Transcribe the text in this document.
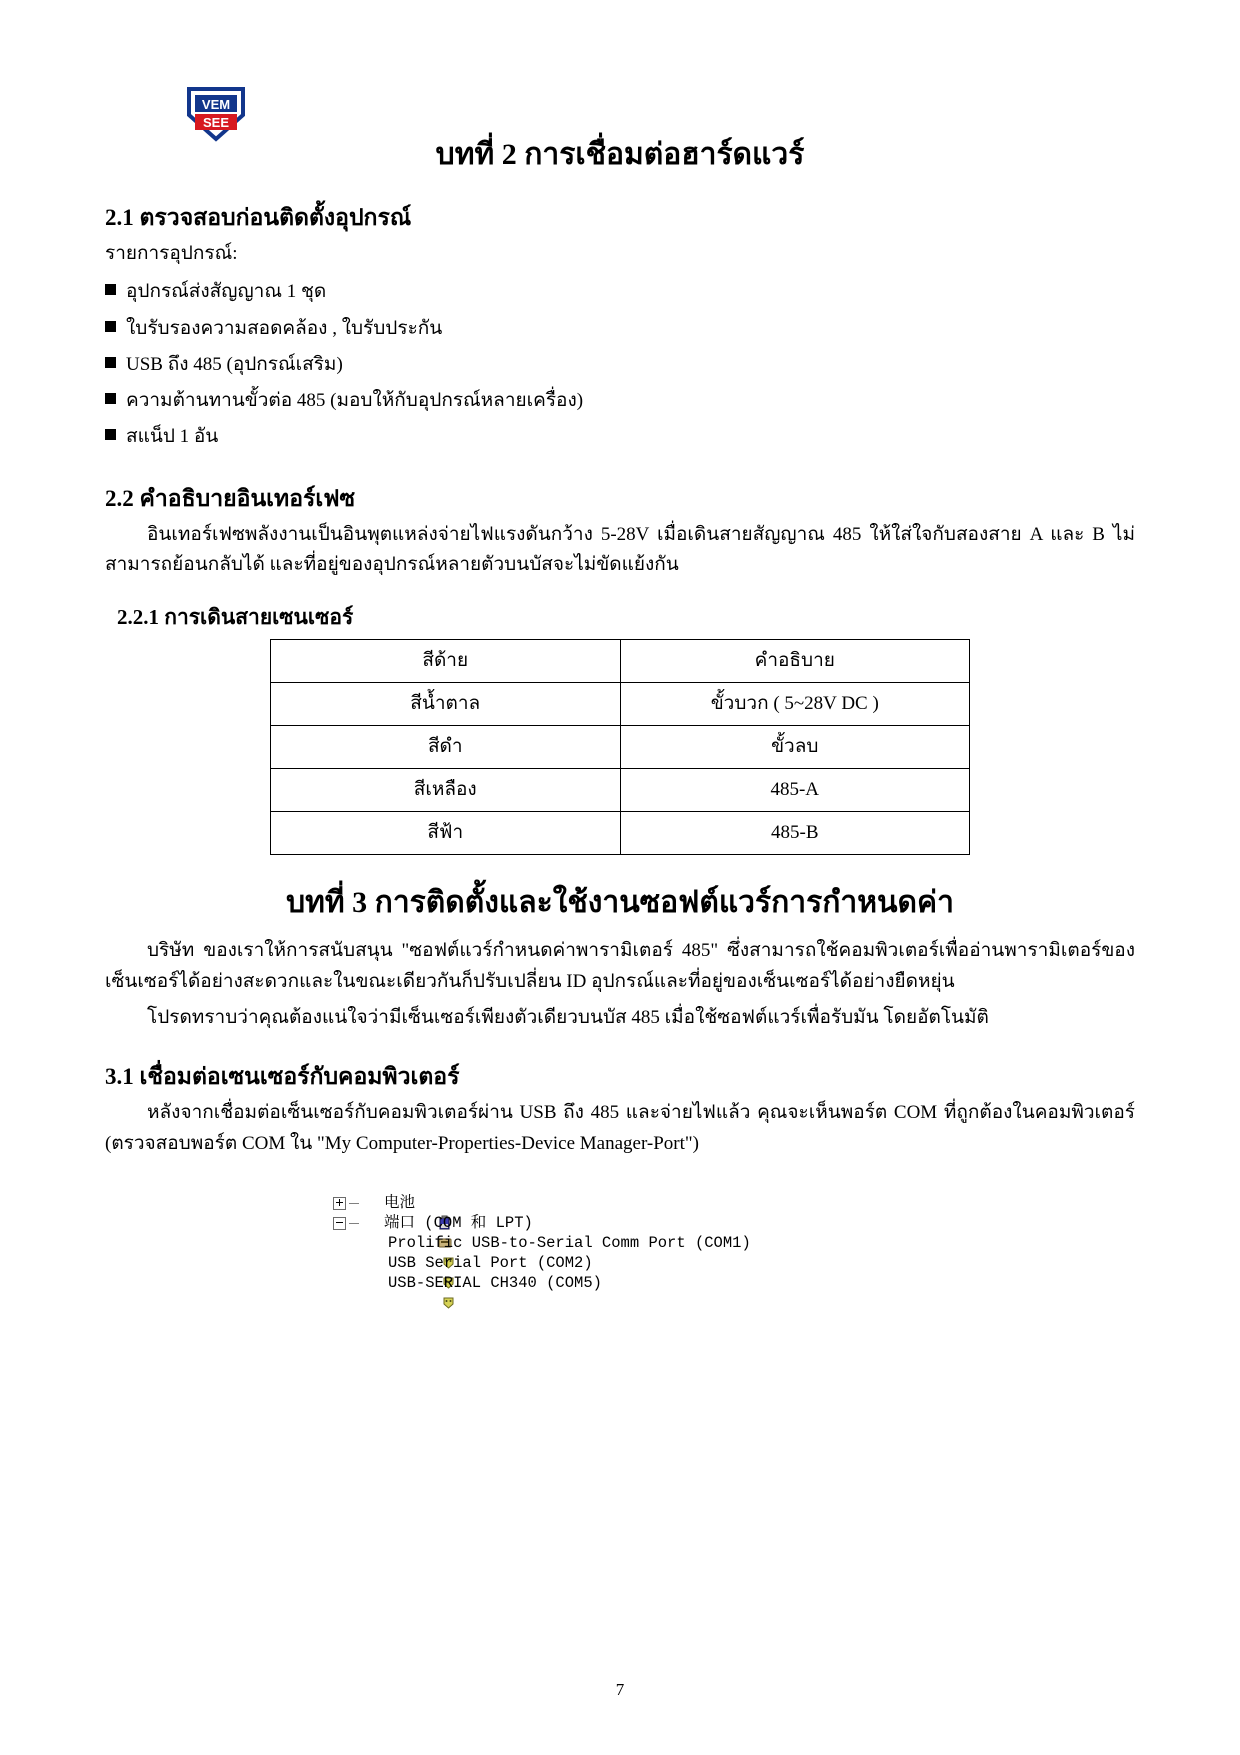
VEM
SEE
บทที่ 2 การเชื่อมต่อฮาร์ดแวร์
2.1 ตรวจสอบก่อนติดตั้งอุปกรณ์

รายการอุปกรณ์:

อุปกรณ์ส่งสัญญาณ 1 ชุด
ใบรับรองความสอดคล้อง , ใบรับประกัน
USB ถึง 485 (อุปกรณ์เสริม)
ความต้านทานขั้วต่อ 485 (มอบให้กับอุปกรณ์หลายเครื่อง)
สแน็ป 1 อัน
2.2 คำอธิบายอินเทอร์เฟซ

อินเทอร์เฟซพลังงานเป็นอินพุตแหล่งจ่ายไฟแรงดันกว้าง 5-28V เมื่อเดินสายสัญญาณ 485 ให้ใส่ใจกับสองสาย A และ B ไม่สามารถย้อนกลับได้ และที่อยู่ของอุปกรณ์หลายตัวบนบัสจะไม่ขัดแย้งกัน

2.2.1 การเดินสายเซนเซอร์
สีด้าย	คำอธิบาย
สีน้ำตาล	ขั้วบวก ( 5~28V DC )
สีดำ	ขั้วลบ
สีเหลือง	485-A
สีฟ้า	485-B
บทที่ 3 การติดตั้งและใช้งานซอฟต์แวร์การกำหนดค่า

บริษัท ของเราให้การสนับสนุน "ซอฟต์แวร์กำหนดค่าพารามิเตอร์ 485" ซึ่งสามารถใช้คอมพิวเตอร์เพื่ออ่านพารามิเตอร์ของเซ็นเซอร์ได้อย่างสะดวกและในขณะเดียวกันก็ปรับเปลี่ยน ID อุปกรณ์และที่อยู่ของเซ็นเซอร์ได้อย่างยืดหยุ่น

โปรดทราบว่าคุณต้องแน่ใจว่ามีเซ็นเซอร์เพียงตัวเดียวบนบัส 485 เมื่อใช้ซอฟต์แวร์เพื่อรับมัน โดยอัตโนมัติ

3.1 เชื่อมต่อเซนเซอร์กับคอมพิวเตอร์

หลังจากเชื่อมต่อเซ็นเซอร์กับคอมพิวเตอร์ผ่าน USB ถึง 485 และจ่ายไฟแล้ว คุณจะเห็นพอร์ต COM ที่ถูกต้องในคอมพิวเตอร์ (ตรวจสอบพอร์ต COM ใน "My Computer-Properties-Device Manager-Port")

电池

端口 (COM 和 LPT)

Prolific USB-to-Serial Comm Port (COM1)

USB Serial Port (COM2)

USB-SERIAL CH340 (COM5)
7
